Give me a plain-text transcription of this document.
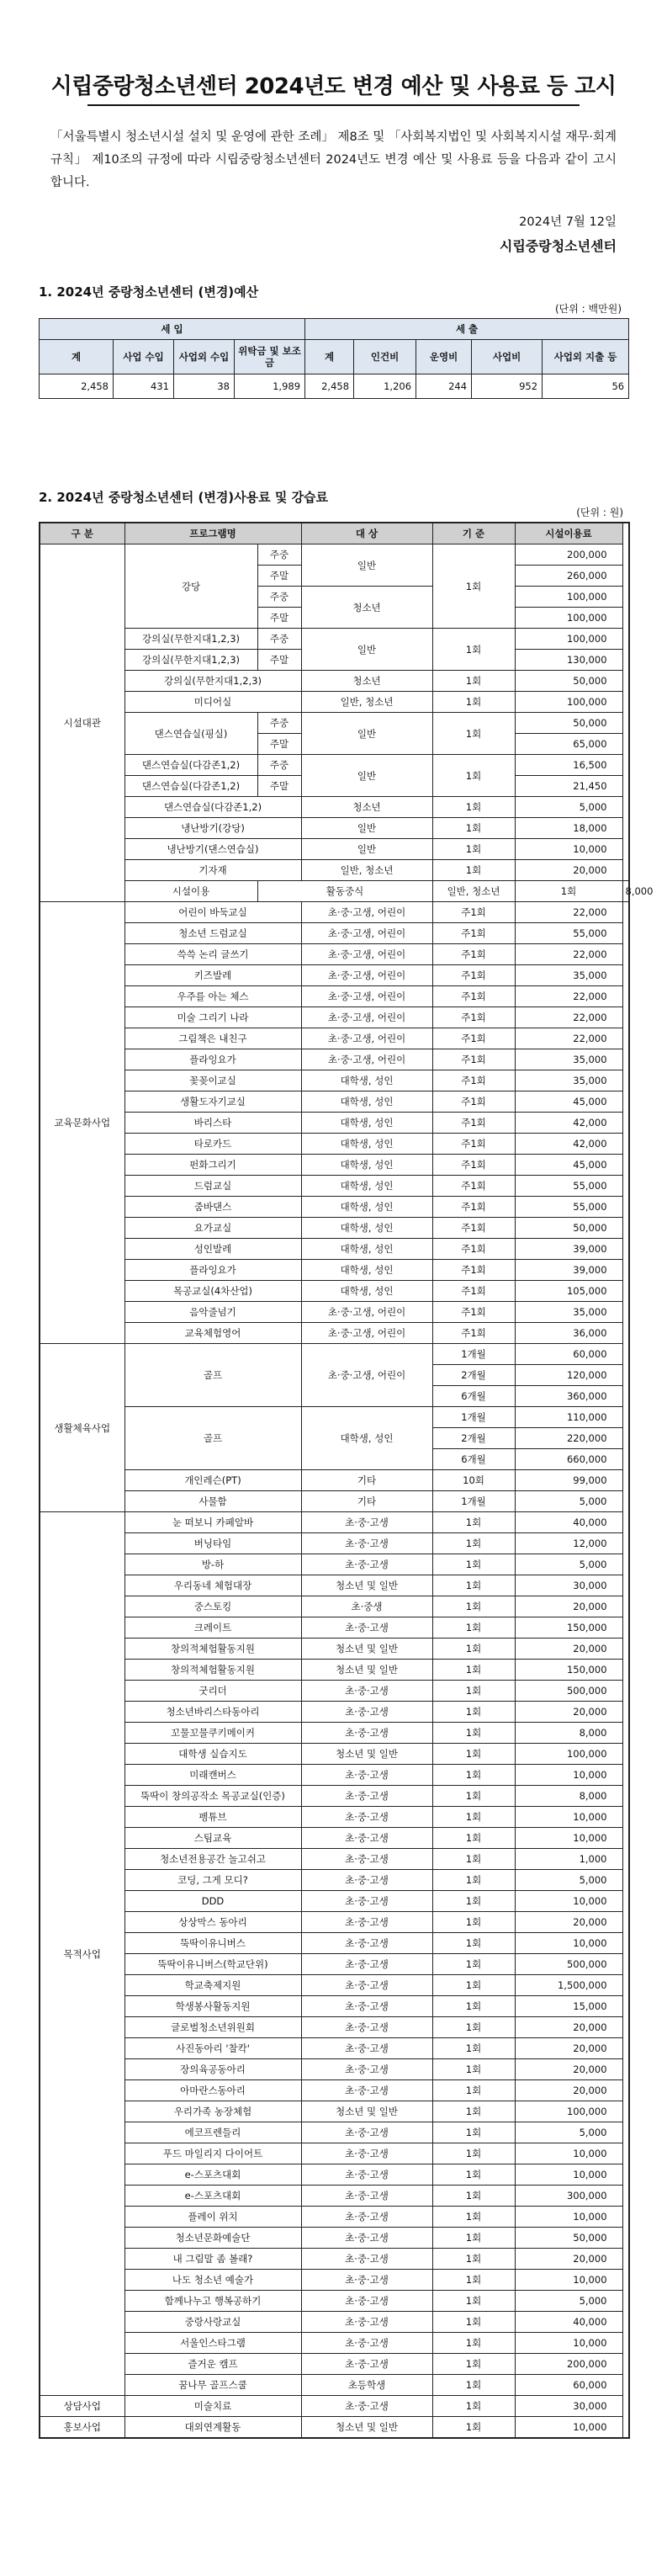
시립중랑청소년센터 2024년도 변경 예산 및 사용료 등 고시
「서울특별시 청소년시설 설치 및 운영에 관한 조례」 제8조 및 「사회복지법인 및 사회복지시설 재무·회계규칙」 제10조의 규정에 따라 시립중랑청소년센터 2024년도 변경 예산 및 사용료 등을 다음과 같이 고시합니다.
2024년 7월 12일
시립중랑청소년센터
1. 2024년 중랑청소년센터 (변경)예산
(단위 : 백만원)
세 입				세 출				
계	사업 수입	사업외 수입	위탁금 및 보조금	계	인건비	운영비	사업비	사업외 지출 등
2,458	431	38	1,989	2,458	1,206	244	952	56
2. 2024년 중랑청소년센터 (변경)사용료 및 강습료
(단위 : 원)
구 분	프로그램명		대 상	기 준	시설이용료	
시설대관	강당	주중	일반	1회	200,000	
		주말			260,000	
		주중	청소년		100,000	
		주말			100,000	
	강의실(무한지대1,2,3)	주중	일반	1회	100,000	
	강의실(무한지대1,2,3)	주말			130,000	
	강의실(무한지대1,2,3)		청소년	1회	50,000	
	미디어실		일반, 청소년	1회	100,000	
	댄스연습실(핑실)	주중	일반	1회	50,000	
		주말			65,000	
	댄스연습실(다감존1,2)	주중	일반	1회	16,500	
	댄스연습실(다감존1,2)	주말			21,450	
	댄스연습실(다감존1,2)		청소년	1회	5,000	
	냉난방기(강당)		일반	1회	18,000	
	냉난방기(댄스연습실)		일반	1회	10,000	
	기자재		일반, 청소년	1회	20,000	
	시설이용	활동중식		일반, 청소년	1회	8,000
교육문화사업	어린이 바둑교실		초·중·고생, 어린이	주1회	22,000	
	청소년 드럼교실		초·중·고생, 어린이	주1회	55,000	
	쓱쓱 논리 글쓰기		초·중·고생, 어린이	주1회	22,000	
	키즈발레		초·중·고생, 어린이	주1회	35,000	
	우주를 아는 체스		초·중·고생, 어린이	주1회	22,000	
	미술 그리기 나라		초·중·고생, 어린이	주1회	22,000	
	그림책은 내친구		초·중·고생, 어린이	주1회	22,000	
	플라잉요가		초·중·고생, 어린이	주1회	35,000	
	꽃꽂이교실		대학생, 성인	주1회	35,000	
	생활도자기교실		대학생, 성인	주1회	45,000	
	바리스타		대학생, 성인	주1회	42,000	
	타로카드		대학생, 성인	주1회	42,000	
	펀화그리기		대학생, 성인	주1회	45,000	
	드럼교실		대학생, 성인	주1회	55,000	
	줌바댄스		대학생, 성인	주1회	55,000	
	요가교실		대학생, 성인	주1회	50,000	
	성인발레		대학생, 성인	주1회	39,000	
	플라잉요가		대학생, 성인	주1회	39,000	
	목공교실(4차산업)		대학생, 성인	주1회	105,000	
	음악줄넘기		초·중·고생, 어린이	주1회	35,000	
	교육체험영어		초·중·고생, 어린이	주1회	36,000	
생활체육사업	골프		초·중·고생, 어린이	1개월	60,000	
				2개월	120,000	
				6개월	360,000	
	골프		대학생, 성인	1개월	110,000	
				2개월	220,000	
				6개월	660,000	
	개인레슨(PT)		기타	10회	99,000	
	사물함		기타	1개월	5,000	
목적사업	눈 떠보니 카페알바		초·중·고생	1회	40,000	
	버닝타임		초·중·고생	1회	12,000	
	방-하		초·중·고생	1회	5,000	
	우리동네 체험대장		청소년 및 일반	1회	30,000	
	중스토킹		초·중생	1회	20,000	
	크레이트		초·중·고생	1회	150,000	
	창의적체험활동지원		청소년 및 일반	1회	20,000	
	창의적체험활동지원		청소년 및 일반	1회	150,000	
	굿리더		초·중·고생	1회	500,000	
	청소년바리스타동아리		초·중·고생	1회	20,000	
	꼬물꼬물쿠키메이커		초·중·고생	1회	8,000	
	대학생 실습지도		청소년 및 일반	1회	100,000	
	미래캔버스		초·중·고생	1회	10,000	
	뚝딱이 창의공작소 목공교실(인증)		초·중·고생	1회	8,000	
	펭튜브		초·중·고생	1회	10,000	
	스팀교육		초·중·고생	1회	10,000	
	청소년전용공간 놀고쉬고		초·중·고생	1회	1,000	
	코딩, 그게 모디?		초·중·고생	1회	5,000	
	DDD		초·중·고생	1회	10,000	
	상상막스 동아리		초·중·고생	1회	20,000	
	뚝딱이유니버스		초·중·고생	1회	10,000	
	뚝딱이유니버스(학교단위)		초·중·고생	1회	500,000	
	학교축제지원		초·중·고생	1회	1,500,000	
	학생봉사활동지원		초·중·고생	1회	15,000	
	글로벌청소년위원회		초·중·고생	1회	20,000	
	사진동아리 '찰칵'		초·중·고생	1회	20,000	
	장의육공동아리		초·중·고생	1회	20,000	
	아마란스동아리		초·중·고생	1회	20,000	
	우리가족 농장체험		청소년 및 일반	1회	100,000	
	에코프렌들리		초·중·고생	1회	5,000	
	푸드 마일리지 다이어트		초·중·고생	1회	10,000	
	e-스포츠대회		초·중·고생	1회	10,000	
	e-스포츠대회		초·중·고생	1회	300,000	
	플레이 위치		초·중·고생	1회	10,000	
	청소년문화예술단		초·중·고생	1회	50,000	
	내 그림말 좀 볼래?		초·중·고생	1회	20,000	
	나도 청소년 예술가		초·중·고생	1회	10,000	
	함께나누고 행복공하기		초·중·고생	1회	5,000	
	중랑사랑교실		초·중·고생	1회	40,000	
	서울인스타그램		초·중·고생	1회	10,000	
	즐거운 캠프		초·중·고생	1회	200,000	
	꿈나무 골프스쿨		초등학생	1회	60,000	
상담사업	미술치료		초·중·고생	1회	30,000	
홍보사업	대외연계활동		청소년 및 일반	1회	10,000	
